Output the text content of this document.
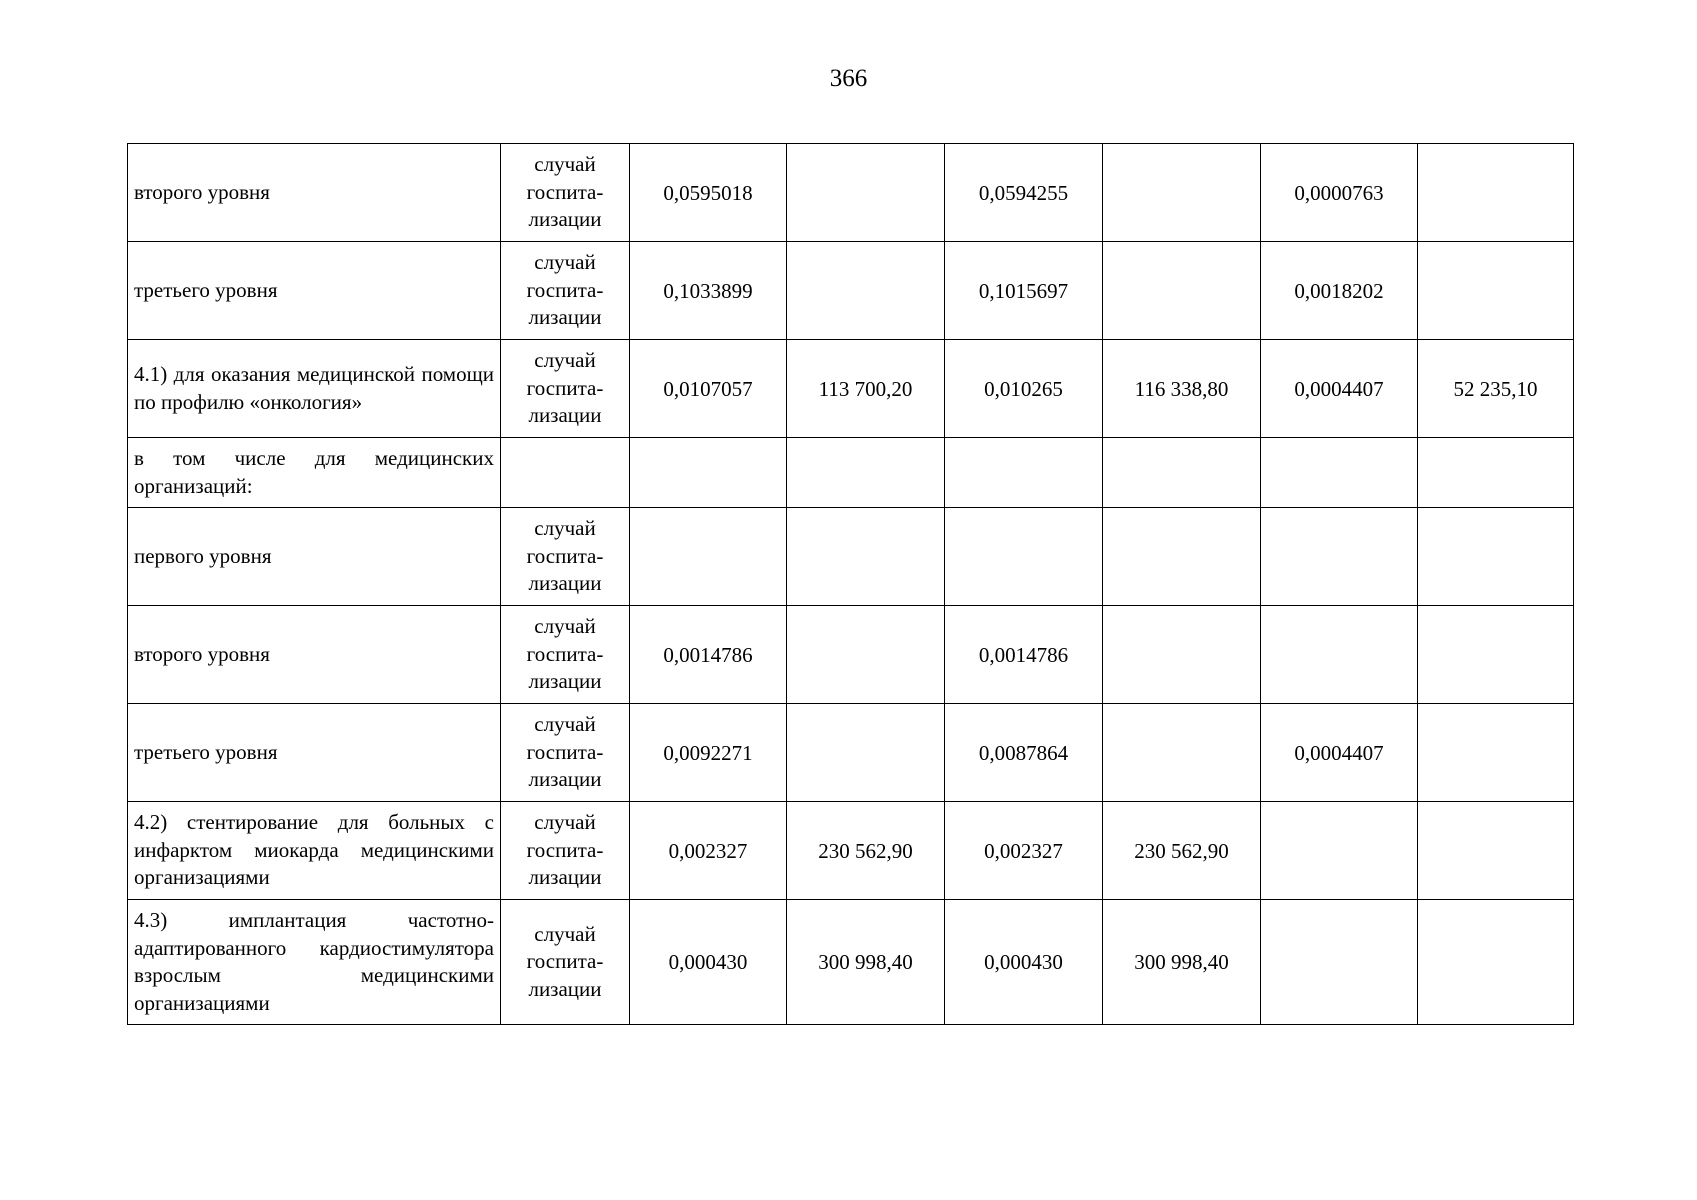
366
второго уровня	случай
госпита-
лизации	0,0595018		0,0594255		0,0000763	
третьего уровня	случай
госпита-
лизации	0,1033899		0,1015697		0,0018202	
4.1) для оказания медицинской помощи по профилю «онкология»	случай
госпита-
лизации	0,0107057	113 700,20	0,010265	116 338,80	0,0004407	52 235,10
в том числе для медицинских организаций:							
первого уровня	случай
госпита-
лизации						

второго уровня	случай
госпита-
лизации	0,0014786		0,0014786			
третьего уровня	случай
госпита-
лизации	0,0092271		0,0087864		0,0004407	
4.2) стентирование для больных с инфарктом миокарда медицинскими организациями	случай
госпита-
лизации	0,002327	230 562,90	0,002327	230 562,90		
4.3) имплантация частотно-адаптированного кардиостимулятора взрослым медицинскими организациями	случай
госпита-
лизации	0,000430	300 998,40	0,000430	300 998,40		
